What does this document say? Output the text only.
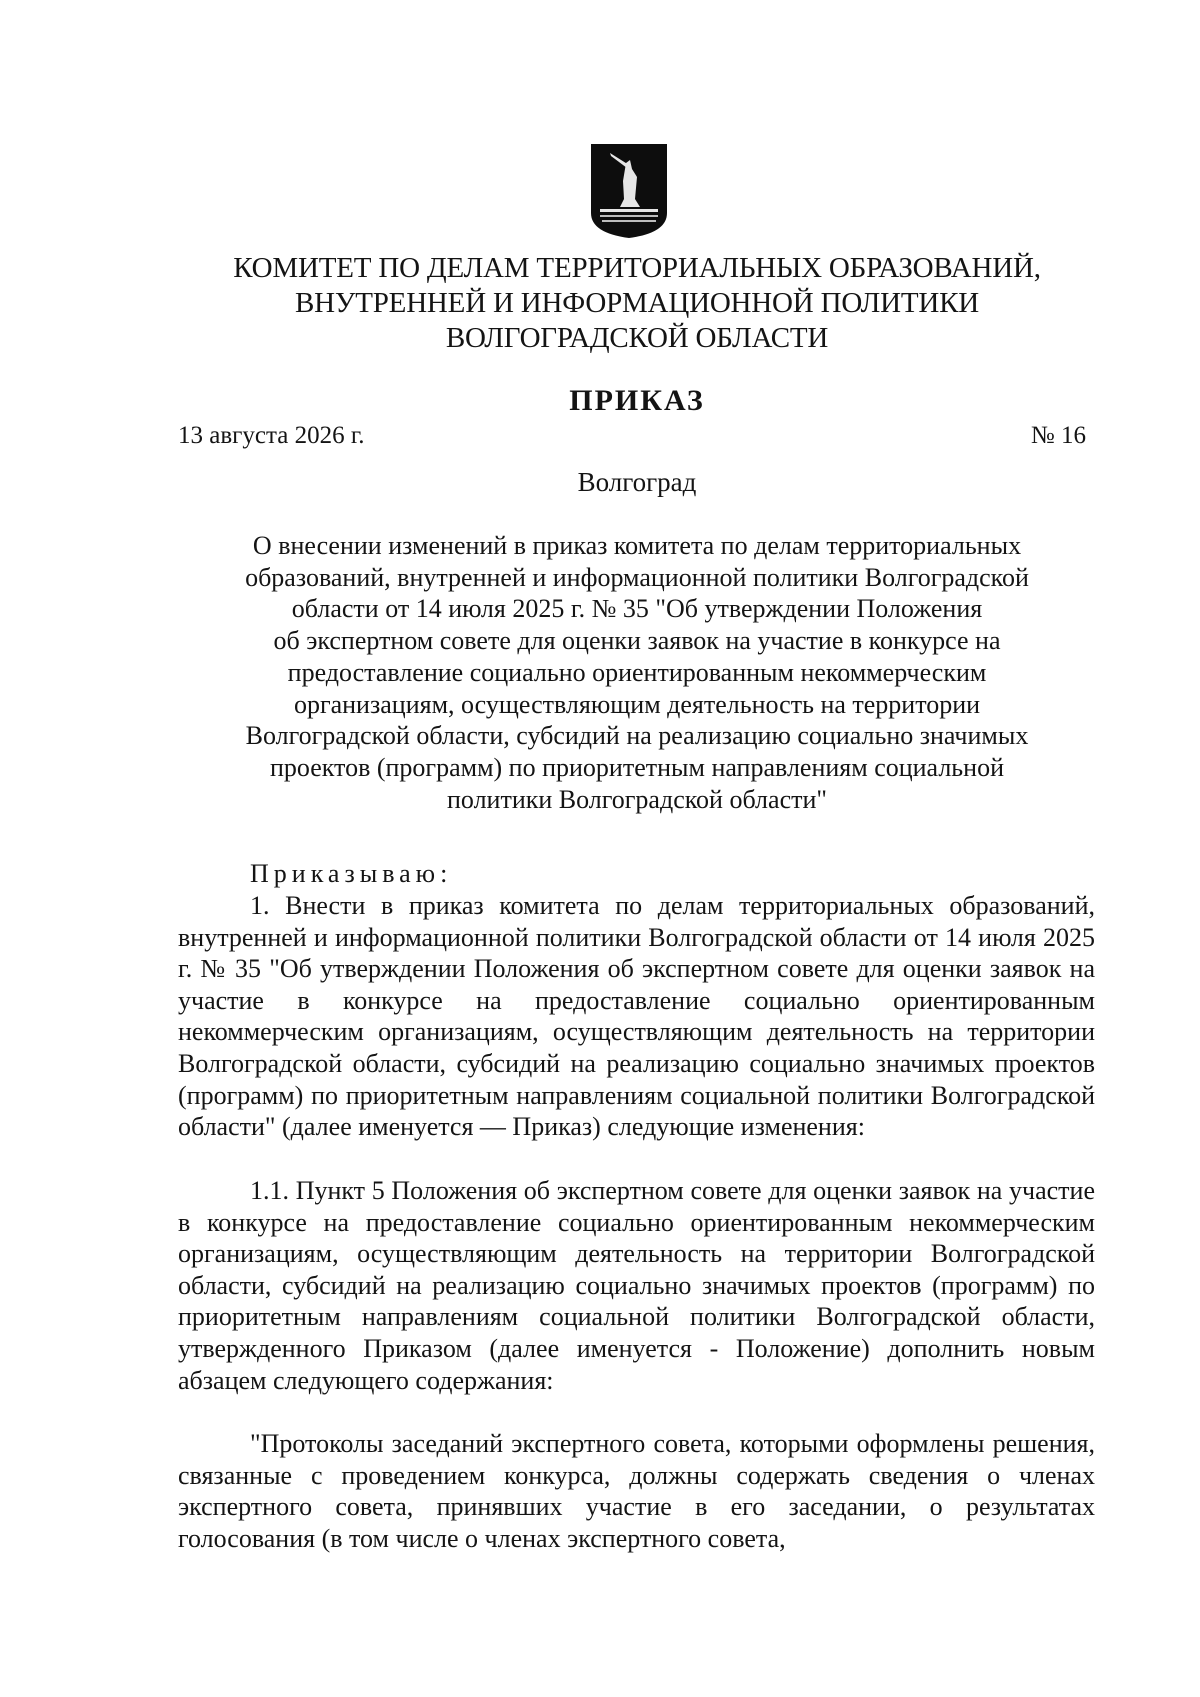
КОМИТЕТ ПО ДЕЛАМ ТЕРРИТОРИАЛЬНЫХ ОБРАЗОВАНИЙ,
ВНУТРЕННЕЙ И ИНФОРМАЦИОННОЙ ПОЛИТИКИ
ВОЛГОГРАДСКОЙ ОБЛАСТИ
ПРИКАЗ
13 августа 2026 г.	№ 16
Волгоград
О внесении изменений в приказ комитета по делам территориальных
образований, внутренней и информационной политики Волгоградской
области от 14 июля 2025 г. № 35 "Об утверждении Положения
об экспертном совете для оценки заявок на участие в конкурсе на
предоставление социально ориентированным некоммерческим
организациям, осуществляющим деятельность на территории
Волгоградской области, субсидий на реализацию социально значимых
проектов (программ) по приоритетным направлениям социальной
политики Волгоградской области"
Приказываю:

1. Внести в приказ комитета по делам территориальных образований, внутренней и информационной политики Волгоградской области от 14 июля 2025 г. № 35 "Об утверждении Положения об экспертном совете для оценки заявок на участие в конкурсе на предоставление социально ориентированным некоммерческим организациям, осуществляющим деятельность на территории Волгоградской области, субсидий на реализацию социально значимых проектов (программ) по приоритетным направлениям социальной политики Волгоградской области" (далее именуется — Приказ) следующие изменения:

1.1. Пункт 5 Положения об экспертном совете для оценки заявок на участие в конкурсе на предоставление социально ориентированным некоммерческим организациям, осуществляющим деятельность на территории Волгоградской области, субсидий на реализацию социально значимых проектов (программ) по приоритетным направлениям социальной политики Волгоградской области, утвержденного Приказом (далее именуется - Положение) дополнить новым абзацем следующего содержания:

"Протоколы заседаний экспертного совета, которыми оформлены решения, связанные с проведением конкурса, должны содержать сведения о членах экспертного совета, принявших участие в его заседании, о результатах голосования (в том числе о членах экспертного совета,
